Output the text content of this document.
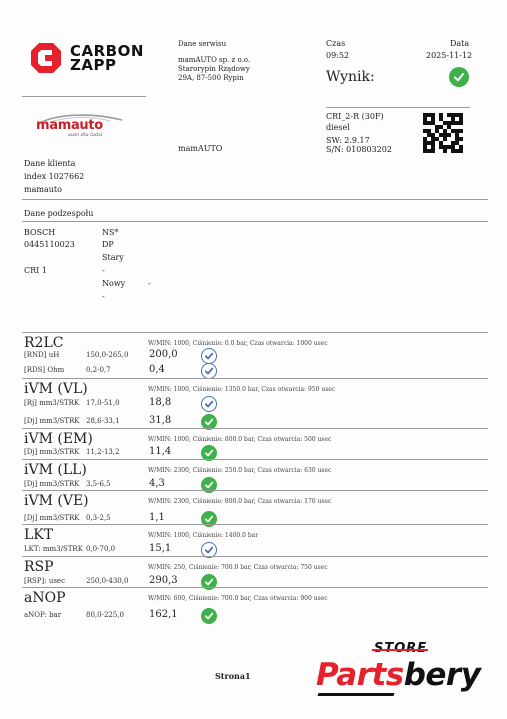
CARBON
ZAPP
Dane serwisu
mamAUTO sp. z o.o.
Starorypin Rządowy
29A, 87-500 Rypin
Czas	Data
09:52	2025-11-12
Wynik:
mamauto
auto dla ludzi
CRI_2-R (30F)
diesel
SW: 2.9.17
S/N: 010803202
mamAUTO
Dane klienta
index 1027662
mamauto
Dane podzespołu
BOSCH	NS*
0445110023	DP
Stary
CRI 1	-
Nowy	-
-
R2LC	W/MIN: 1000, Ciśnienie: 0.0 bar, Czas otwarcia: 1000 usec
[RND] uH	150,0-265,0 200,0
[RDS] Ohm	0,2-0,7	0,4
iVM (VL)	W/MIN: 1000, Ciśnienie: 1350.0 bar, Czas otwarcia: 950 usec
[Rj] mm3/STRK 17,0-51,0	18,8
[Dj] mm3/STRK 28,6-33,1	31,8
iVM (EM)	W/MIN: 1000, Ciśnienie: 800.0 bar, Czas otwarcia: 500 usec
[Dj] mm3/STRK 11,2-13,2	11,4
iVM (LL)	W/MIN: 2300, Ciśnienie: 250.0 bar, Czas otwarcia: 630 usec
[Dj] mm3/STRK 3,5-6,5	4,3
iVM (VE)	W/MIN: 2300, Ciśnienie: 800.0 bar, Czas otwarcia: 170 usec
[Dj] mm3/STRK 0,3-2,5	1,1
LKT	W/MIN: 1000, Ciśnienie: 1400.0 bar
LKT: mm3/STRK 0,0-70,0	15,1
RSP	W/MIN: 250, Ciśnienie: 700.0 bar, Czas otwarcia: 750 usec
[RSP]: usec	250,0-430,0 290,3
aNOP	W/MIN: 600, Ciśnienie: 700.0 bar, Czas otwarcia: 900 usec
aNOP: bar	80,0-225,0	162,1
Strona1 Partsbery
